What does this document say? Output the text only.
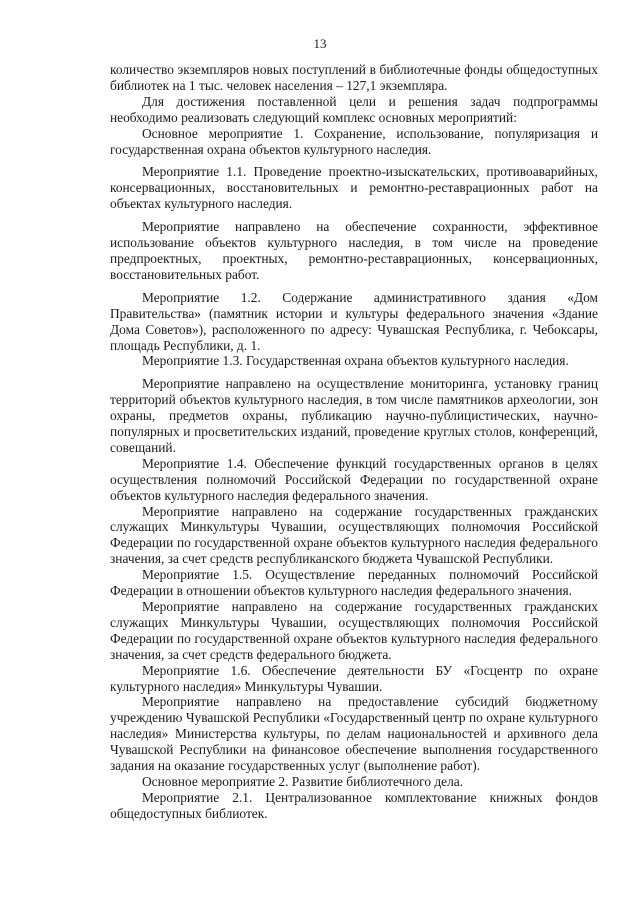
13

количество экземпляров новых поступлений в библиотечные фонды общедоступных библиотек на 1 тыс. человек населения – 127,1 экземпляра.

Для достижения поставленной цели и решения задач подпрограммы необходимо реализовать следующий комплекс основных мероприятий:

Основное мероприятие 1. Сохранение, использование, популяризация и государственная охрана объектов культурного наследия.

Мероприятие 1.1. Проведение проектно-изыскательских, противоаварийных, консервационных, восстановительных и ремонтно-реставрационных работ на объектах культурного наследия.

Мероприятие направлено на обеспечение сохранности, эффективное использование объектов культурного наследия, в том числе на проведение предпроектных, проектных, ремонтно-реставрационных, консервационных, восстановительных работ.

Мероприятие 1.2. Содержание административного здания «Дом Правительства» (памятник истории и культуры федерального значения «Здание Дома Советов»), расположенного по адресу: Чувашская Республика, г. Чебоксары, площадь Республики, д. 1.

Мероприятие 1.3. Государственная охрана объектов культурного наследия.

Мероприятие направлено на осуществление мониторинга, установку границ территорий объектов культурного наследия, в том числе памятников археологии, зон охраны, предметов охраны, публикацию научно-публицистических, научно-популярных и просветительских изданий, проведение круглых столов, конференций, совещаний.

Мероприятие 1.4. Обеспечение функций государственных органов в целях осуществления полномочий Российской Федерации по государственной охране объектов культурного наследия федерального значения.

Мероприятие направлено на содержание государственных гражданских служащих Минкультуры Чувашии, осуществляющих полномочия Российской Федерации по государственной охране объектов культурного наследия федерального значения, за счет средств республиканского бюджета Чувашской Республики.

Мероприятие 1.5. Осуществление переданных полномочий Российской Федерации в отношении объектов культурного наследия федерального значения.

Мероприятие направлено на содержание государственных гражданских служащих Минкультуры Чувашии, осуществляющих полномочия Российской Федерации по государственной охране объектов культурного наследия федерального значения, за счет средств федерального бюджета.

Мероприятие 1.6. Обеспечение деятельности БУ «Госцентр по охране культурного наследия» Минкультуры Чувашии.

Мероприятие направлено на предоставление субсидий бюджетному учреждению Чувашской Республики «Государственный центр по охране культурного наследия» Министерства культуры, по делам национальностей и архивного дела Чувашской Республики на финансовое обеспечение выполнения государственного задания на оказание государственных услуг (выполнение работ).

Основное мероприятие 2. Развитие библиотечного дела.

Мероприятие 2.1. Централизованное комплектование книжных фондов общедоступных библиотек.
